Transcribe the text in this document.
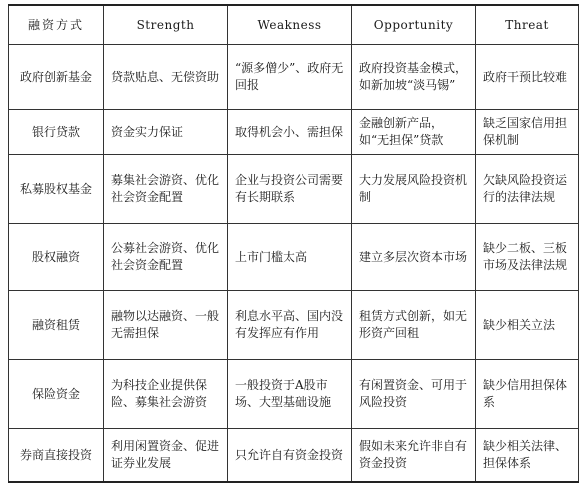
融资方式	Strength	Weakness	Opportunity	Threat
政府创新基金	贷款贴息、无偿资助	“源多僧少”、政府无回报	政府投资基金模式，如新加坡“淡马锡”	政府干预比较难
银行贷款	资金实力保证	取得机会小、需担保	金融创新产品，如“无担保”贷款	缺乏国家信用担保机制
私募股权基金	募集社会游资、优化社会资金配置	企业与投资公司需要有长期联系	大力发展风险投资机制	欠缺风险投资运行的法律法规
股权融资	公募社会游资、优化社会资金配置	上市门槛太高	建立多层次资本市场	缺少二板、三板市场及法律法规
融资租赁	融物以达融资、一般无需担保	利息水平高、国内没有发挥应有作用	租赁方式创新，如无形资产回租	缺少相关立法
保险资金	为科技企业提供保险、募集社会游资	一般投资于A股市场、大型基础设施	有闲置资金、可用于风险投资	缺少信用担保体系
券商直接投资	利用闲置资金、促进证券业发展	只允许自有资金投资	假如未来允许非自有资金投资	缺少相关法律、担保体系
